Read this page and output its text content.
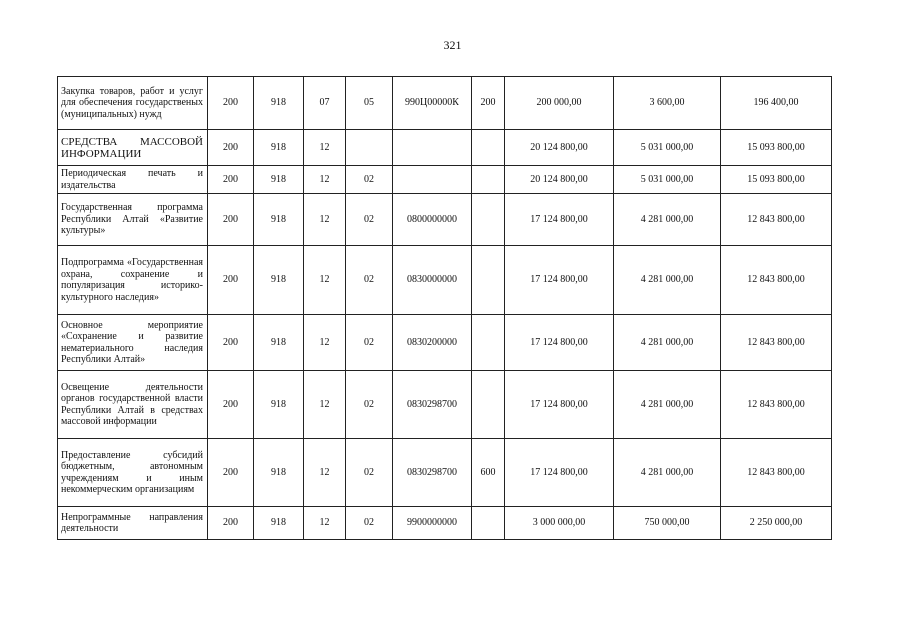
321
Закупка товаров, работ и услуг для обеспечения государственых (муниципальных) нужд	200	918	07	05	990Ц00000К	200	200 000,00	3 600,00	196 400,00
СРЕДСТВА МАССОВОЙ ИНФОРМАЦИИ	200	918	12				20 124 800,00	5 031 000,00	15 093 800,00
Периодическая печать и издательства	200	918	12	02			20 124 800,00	5 031 000,00	15 093 800,00
Государственная программа Республики Алтай «Развитие культуры»	200	918	12	02	0800000000		17 124 800,00	4 281 000,00	12 843 800,00
Подпрограмма «Государственная охрана, сохранение и популяризация историко-культурного наследия»	200	918	12	02	0830000000		17 124 800,00	4 281 000,00	12 843 800,00
Основное мероприятие «Сохранение и развитие нематериального наследия Республики Алтай»	200	918	12	02	0830200000		17 124 800,00	4 281 000,00	12 843 800,00
Освещение деятельности органов государственной власти Республики Алтай в средствах массовой информации	200	918	12	02	0830298700		17 124 800,00	4 281 000,00	12 843 800,00
Предоставление субсидий бюджетным, автономным учреждениям и иным некоммерческим организациям	200	918	12	02	0830298700	600	17 124 800,00	4 281 000,00	12 843 800,00
Непрограммные направления деятельности	200	918	12	02	9900000000		3 000 000,00	750 000,00	2 250 000,00
